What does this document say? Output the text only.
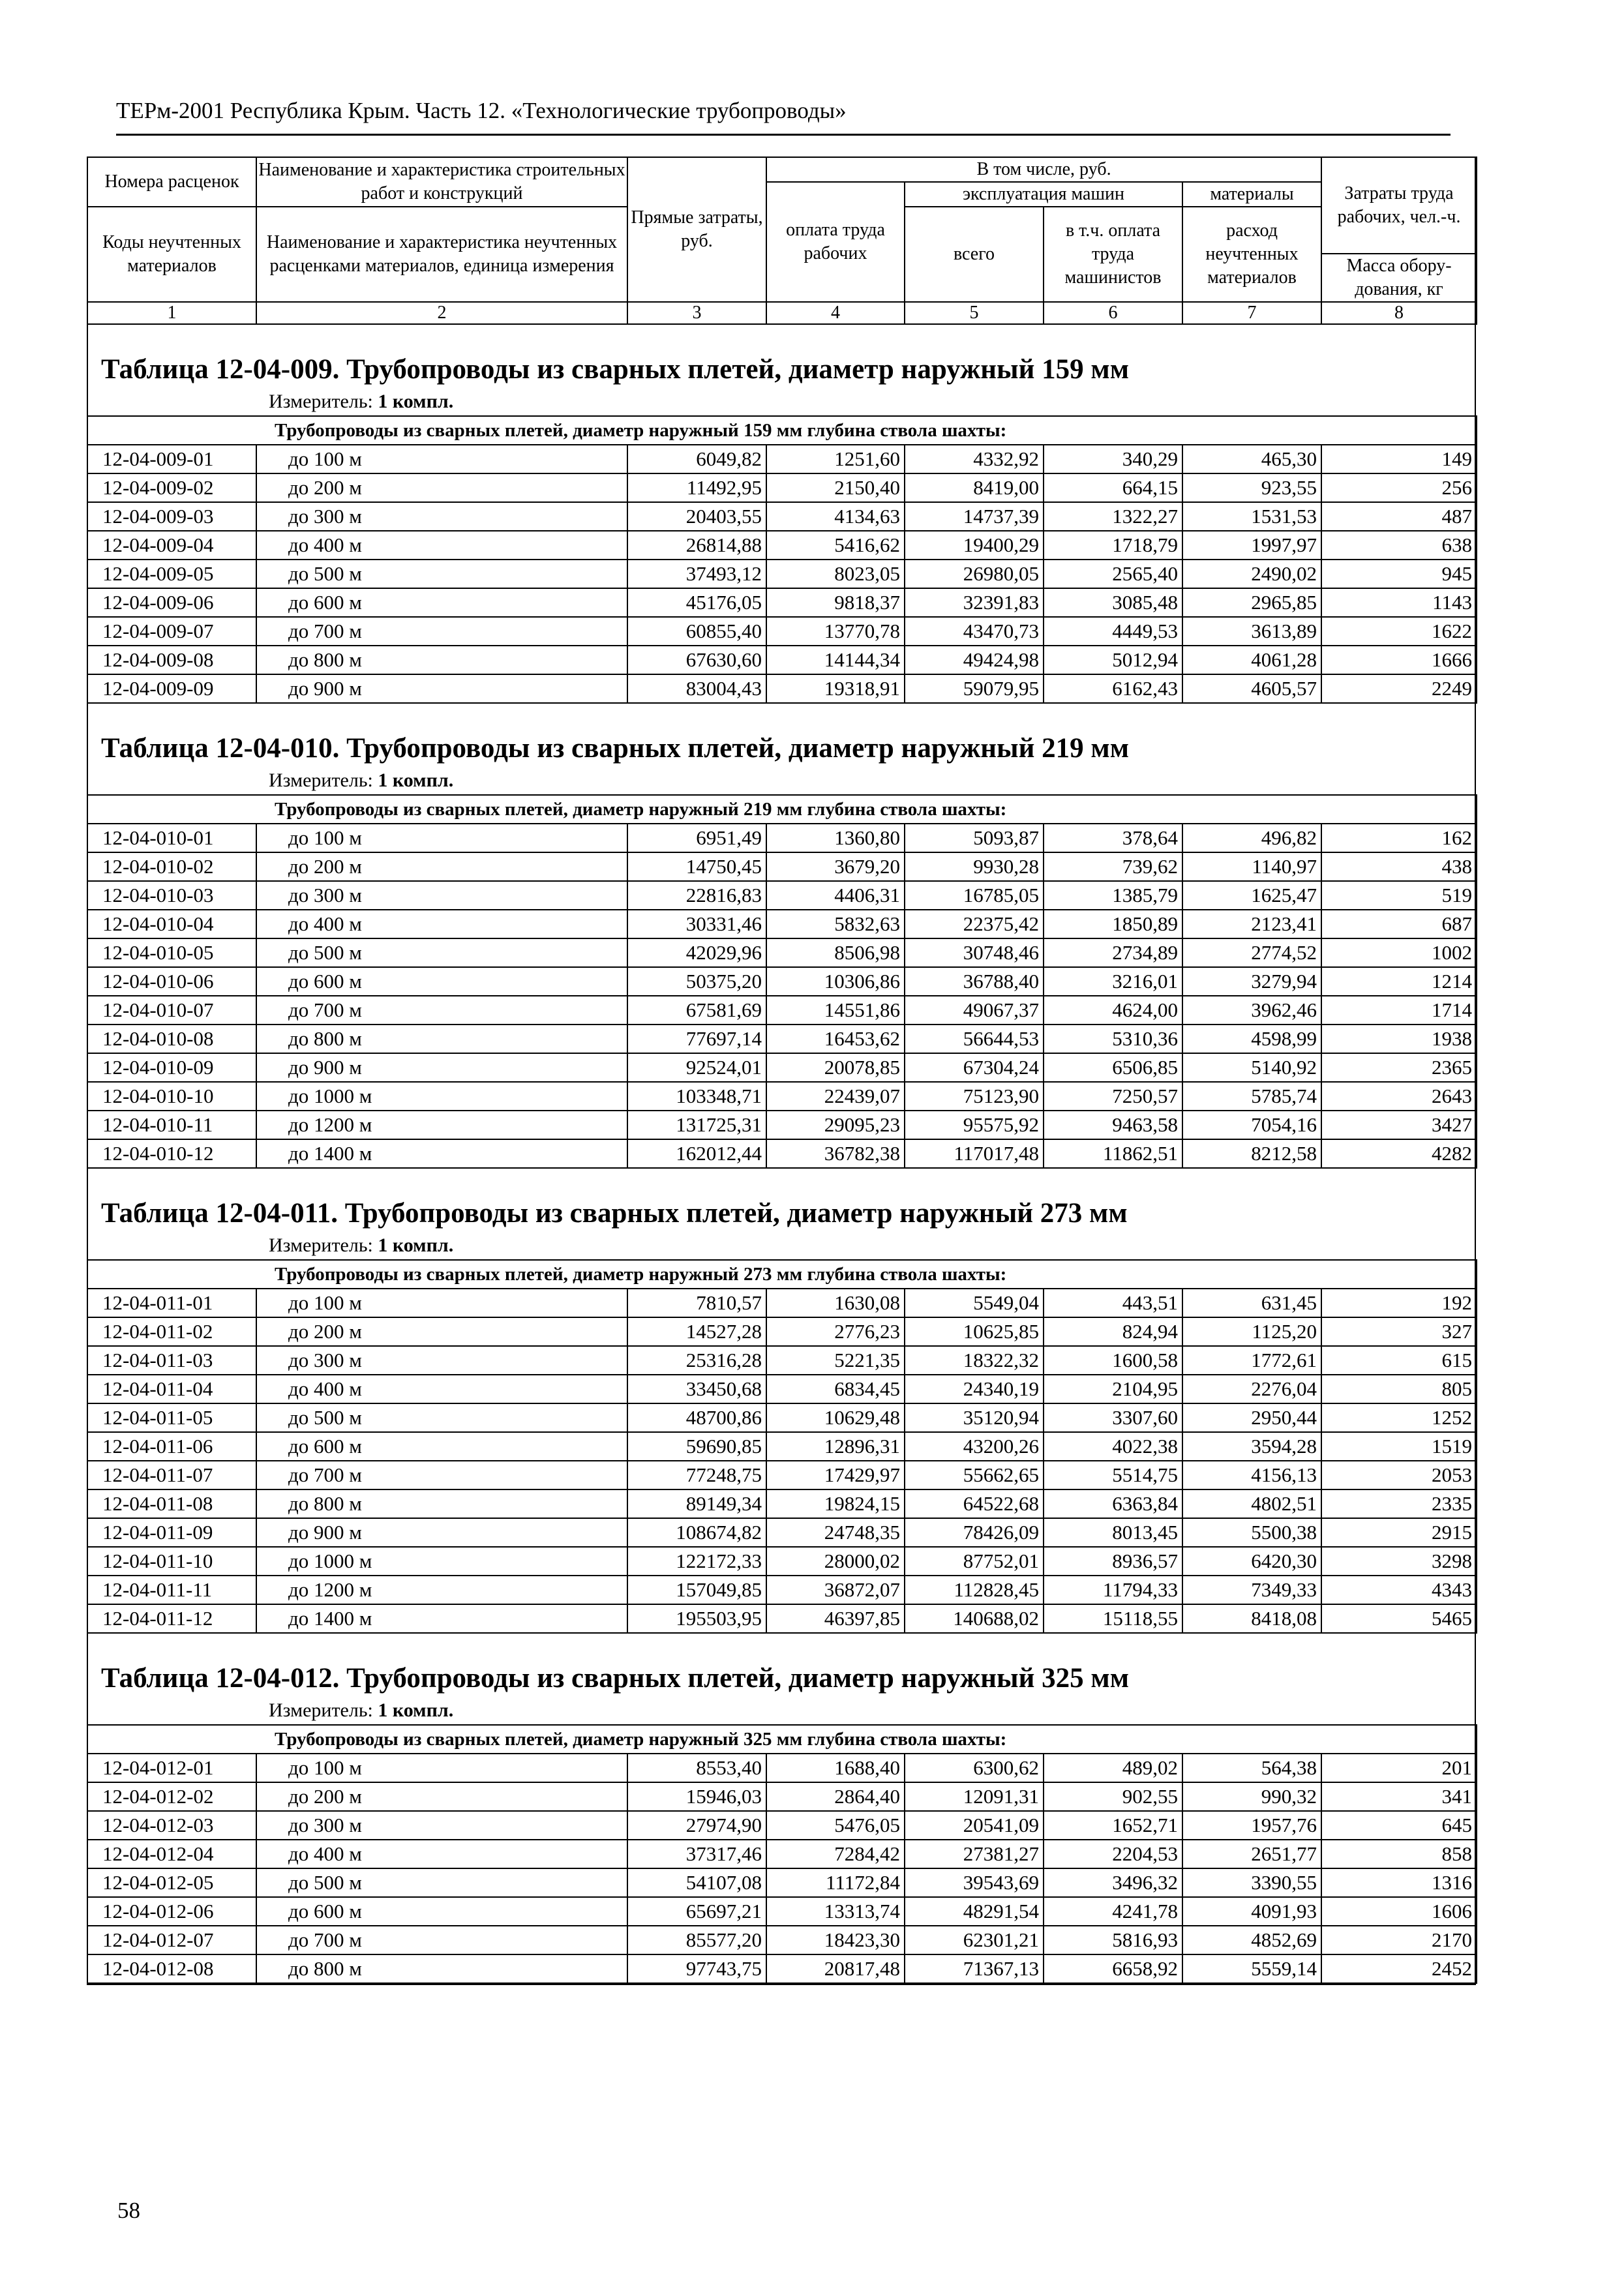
ТЕРм-2001 Республика Крым. Часть 12. «Технологические трубопроводы»
Номера расценок	Наименование и характеристика строительных работ и конструкций	Прямые затраты, руб.	В том числе, руб.				Затраты труда рабочих, чел.-ч.
			оплата труда рабочих	эксплуатация машин		материалы	
Коды неучтенных материалов	Наименование и характеристика неучтенных расценками материалов, единица измерения			всего	в т.ч. оплата труда машинистов	расход неучтенных материалов	
							Масса обору-дования, кг
1	2	3	4	5	6	7	8
Таблица 12-04-009. Трубопроводы из сварных плетей, диаметр наружный 159 мм
Измеритель: 1 компл.
Трубопроводы из сварных плетей, диаметр наружный 159 мм глубина ствола шахты:							
12-04-009-01	до 100 м	6049,82	1251,60	4332,92	340,29	465,30	149
12-04-009-02	до 200 м	11492,95	2150,40	8419,00	664,15	923,55	256
12-04-009-03	до 300 м	20403,55	4134,63	14737,39	1322,27	1531,53	487
12-04-009-04	до 400 м	26814,88	5416,62	19400,29	1718,79	1997,97	638
12-04-009-05	до 500 м	37493,12	8023,05	26980,05	2565,40	2490,02	945
12-04-009-06	до 600 м	45176,05	9818,37	32391,83	3085,48	2965,85	1143
12-04-009-07	до 700 м	60855,40	13770,78	43470,73	4449,53	3613,89	1622
12-04-009-08	до 800 м	67630,60	14144,34	49424,98	5012,94	4061,28	1666
12-04-009-09	до 900 м	83004,43	19318,91	59079,95	6162,43	4605,57	2249
Таблица 12-04-010. Трубопроводы из сварных плетей, диаметр наружный 219 мм
Измеритель: 1 компл.
Трубопроводы из сварных плетей, диаметр наружный 219 мм глубина ствола шахты:							
12-04-010-01	до 100 м	6951,49	1360,80	5093,87	378,64	496,82	162
12-04-010-02	до 200 м	14750,45	3679,20	9930,28	739,62	1140,97	438
12-04-010-03	до 300 м	22816,83	4406,31	16785,05	1385,79	1625,47	519
12-04-010-04	до 400 м	30331,46	5832,63	22375,42	1850,89	2123,41	687
12-04-010-05	до 500 м	42029,96	8506,98	30748,46	2734,89	2774,52	1002
12-04-010-06	до 600 м	50375,20	10306,86	36788,40	3216,01	3279,94	1214
12-04-010-07	до 700 м	67581,69	14551,86	49067,37	4624,00	3962,46	1714
12-04-010-08	до 800 м	77697,14	16453,62	56644,53	5310,36	4598,99	1938
12-04-010-09	до 900 м	92524,01	20078,85	67304,24	6506,85	5140,92	2365
12-04-010-10	до 1000 м	103348,71	22439,07	75123,90	7250,57	5785,74	2643
12-04-010-11	до 1200 м	131725,31	29095,23	95575,92	9463,58	7054,16	3427
12-04-010-12	до 1400 м	162012,44	36782,38	117017,48	11862,51	8212,58	4282
Таблица 12-04-011. Трубопроводы из сварных плетей, диаметр наружный 273 мм
Измеритель: 1 компл.
Трубопроводы из сварных плетей, диаметр наружный 273 мм глубина ствола шахты:							
12-04-011-01	до 100 м	7810,57	1630,08	5549,04	443,51	631,45	192
12-04-011-02	до 200 м	14527,28	2776,23	10625,85	824,94	1125,20	327
12-04-011-03	до 300 м	25316,28	5221,35	18322,32	1600,58	1772,61	615
12-04-011-04	до 400 м	33450,68	6834,45	24340,19	2104,95	2276,04	805
12-04-011-05	до 500 м	48700,86	10629,48	35120,94	3307,60	2950,44	1252
12-04-011-06	до 600 м	59690,85	12896,31	43200,26	4022,38	3594,28	1519
12-04-011-07	до 700 м	77248,75	17429,97	55662,65	5514,75	4156,13	2053
12-04-011-08	до 800 м	89149,34	19824,15	64522,68	6363,84	4802,51	2335
12-04-011-09	до 900 м	108674,82	24748,35	78426,09	8013,45	5500,38	2915
12-04-011-10	до 1000 м	122172,33	28000,02	87752,01	8936,57	6420,30	3298
12-04-011-11	до 1200 м	157049,85	36872,07	112828,45	11794,33	7349,33	4343
12-04-011-12	до 1400 м	195503,95	46397,85	140688,02	15118,55	8418,08	5465
Таблица 12-04-012. Трубопроводы из сварных плетей, диаметр наружный 325 мм
Измеритель: 1 компл.
Трубопроводы из сварных плетей, диаметр наружный 325 мм глубина ствола шахты:							
12-04-012-01	до 100 м	8553,40	1688,40	6300,62	489,02	564,38	201
12-04-012-02	до 200 м	15946,03	2864,40	12091,31	902,55	990,32	341
12-04-012-03	до 300 м	27974,90	5476,05	20541,09	1652,71	1957,76	645
12-04-012-04	до 400 м	37317,46	7284,42	27381,27	2204,53	2651,77	858
12-04-012-05	до 500 м	54107,08	11172,84	39543,69	3496,32	3390,55	1316
12-04-012-06	до 600 м	65697,21	13313,74	48291,54	4241,78	4091,93	1606
12-04-012-07	до 700 м	85577,20	18423,30	62301,21	5816,93	4852,69	2170
12-04-012-08	до 800 м	97743,75	20817,48	71367,13	6658,92	5559,14	2452
58
